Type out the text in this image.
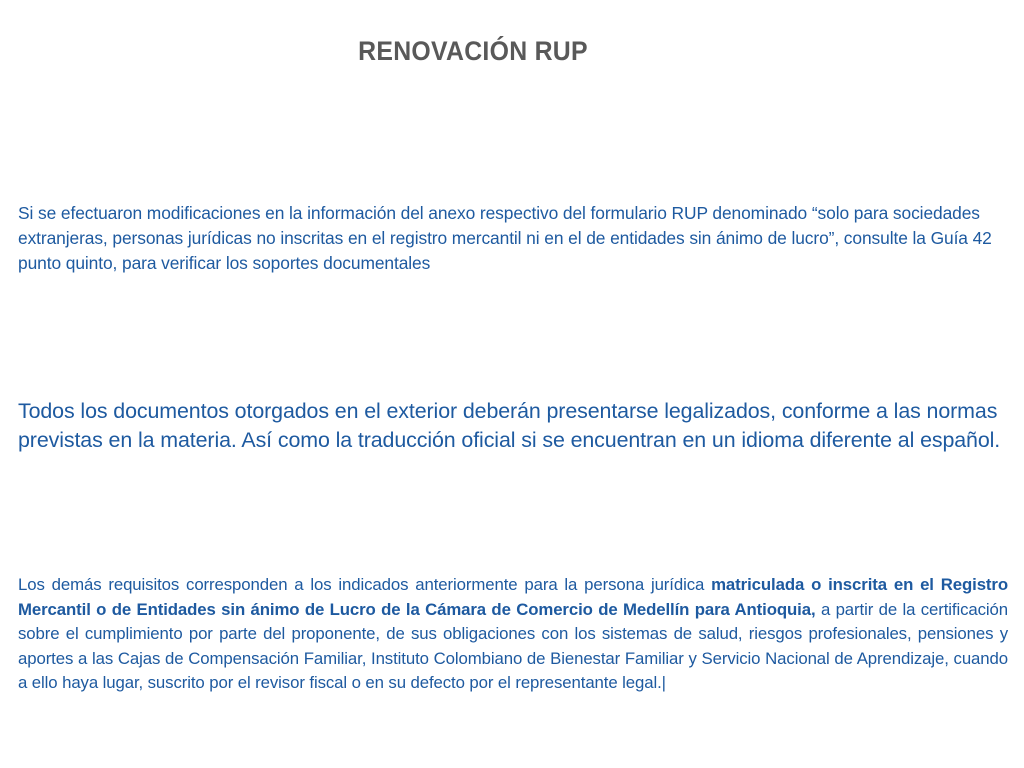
RENOVACIÓN RUP

Si se efectuaron modificaciones en la información del anexo respectivo del formulario RUP denominado “solo para sociedades extranjeras, personas jurídicas no inscritas en el registro mercantil ni en el de entidades sin ánimo de lucro”, consulte la Guía 42 punto quinto, para verificar los soportes documentales

Todos los documentos otorgados en el exterior deberán presentarse legalizados, conforme a las normas previstas en la materia. Así como la traducción oficial si se encuentran en un idioma diferente al español.

Los demás requisitos corresponden a los indicados anteriormente para la persona jurídica matriculada o inscrita en el Registro Mercantil o de Entidades sin ánimo de Lucro de la Cámara de Comercio de Medellín para Antioquia, a partir de la certificación sobre el cumplimiento por parte del proponente, de sus obligaciones con los sistemas de salud, riesgos profesionales, pensiones y aportes a las Cajas de Compensación Familiar, Instituto Colombiano de Bienestar Familiar y Servicio Nacional de Aprendizaje, cuando a ello haya lugar, suscrito por el revisor fiscal o en su defecto por el representante legal.|
